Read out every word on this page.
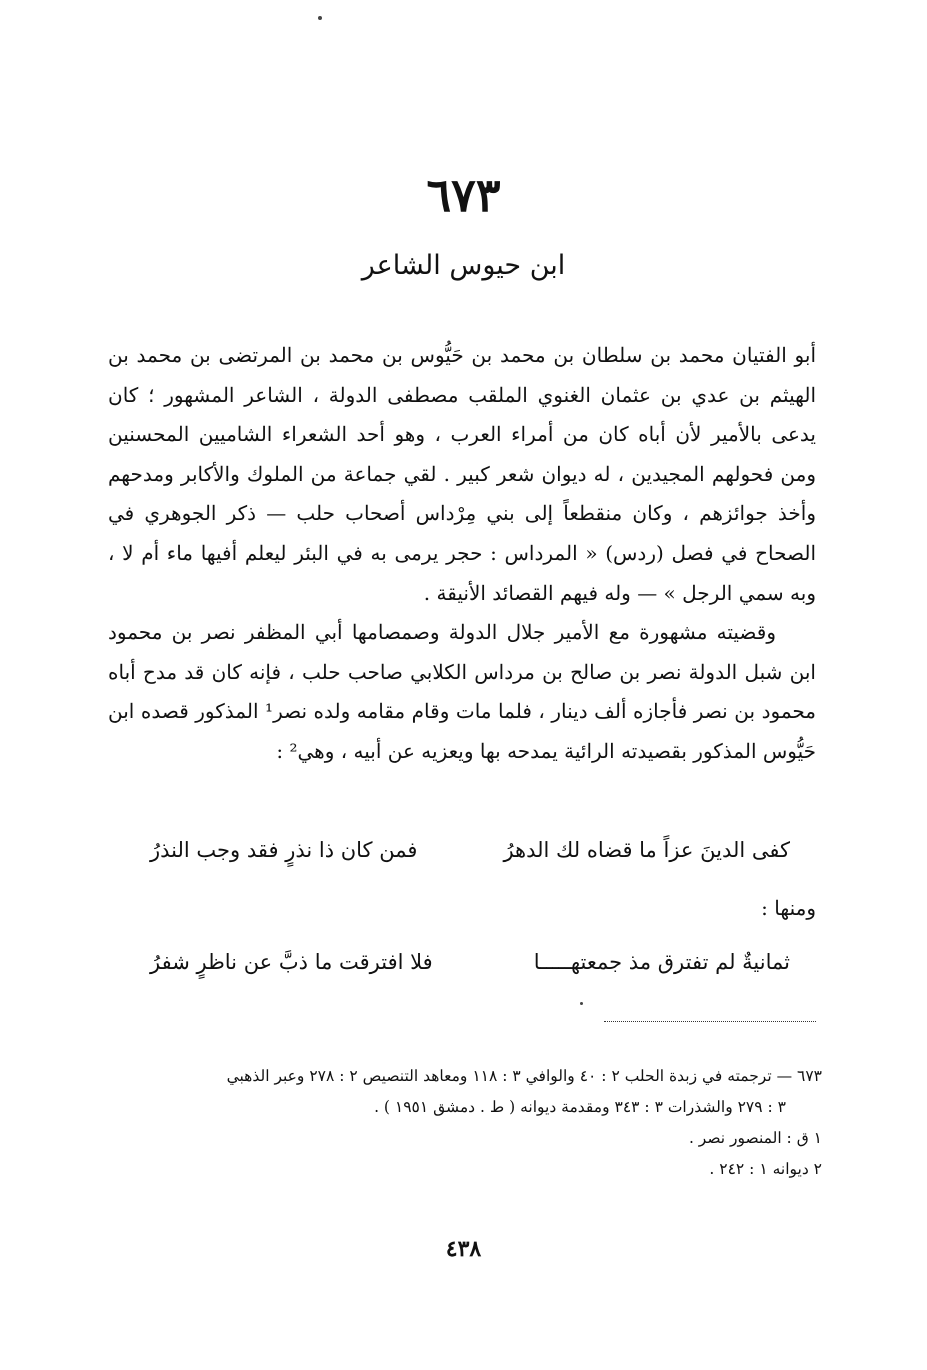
٦٧٣
ابن حيوس الشاعر

أبو الفتيان محمد بن سلطان بن محمد بن حَيُّوس بن محمد بن المرتضى بن محمد بن الهيثم بن عدي بن عثمان الغنوي الملقب مصطفى الدولة ، الشاعر المشهور ؛ كان يدعى بالأمير لأن أباه كان من أمراء العرب ، وهو أحد الشعراء الشاميين المحسنين ومن فحولهم المجيدين ، له ديوان شعر كبير . لقي جماعة من الملوك والأكابر ومدحهم وأخذ جوائزهم ، وكان منقطعاً إلى بني مِرْداس أصحاب حلب — ذكر الجوهري في الصحاح في فصل (ردس) « المرداس : حجر يرمى به في البئر ليعلم أفيها ماء أم لا ، وبه سمي الرجل » — وله فيهم القصائد الأنيقة .

وقضيته مشهورة مع الأمير جلال الدولة وصمصامها أبي المظفر نصر بن محمود ابن شبل الدولة نصر بن صالح بن مرداس الكلابي صاحب حلب ، فإنه كان قد مدح أباه محمود بن نصر فأجازه ألف دينار ، فلما مات وقام مقامه ولده نصر¹ المذكور قصده ابن حَيُّوس المذكور بقصيدته الرائية يمدحه بها ويعزيه عن أبيه ، وهي² :

كفى الدينَ عزاً ما قضاه لك الدهرُ
فمن كان ذا نذرٍ فقد وجب النذرُ
ومنها :
ثمانيةٌ لم تفترق مذ جمعتهـــــا
فلا افترقت ما ذبَّ عن ناظرٍ شفرُ

٦٧٣ — ترجمته في زبدة الحلب ٢ : ٤٠ والوافي ٣ : ١١٨ ومعاهد التنصيص ٢ : ٢٧٨ وعبر الذهبي

٣ : ٢٧٩ والشذرات ٣ : ٣٤٣ ومقدمة ديوانه ( ط . دمشق ١٩٥١ ) .

١ ق : المنصور نصر .

٢ ديوانه ١ : ٢٤٢ .

٤٣٨
